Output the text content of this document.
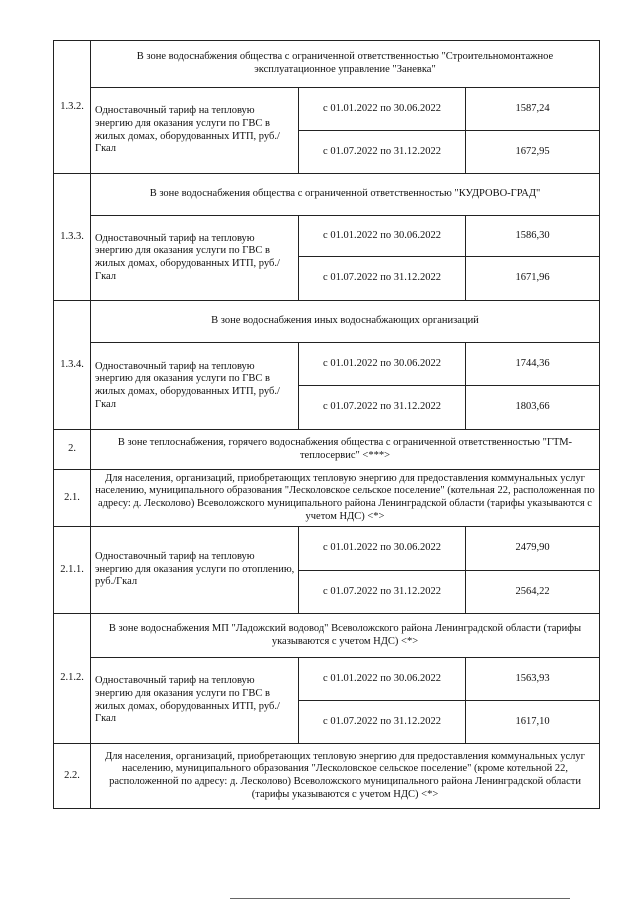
1.3.2.
В зоне водоснабжения общества с ограниченной ответственностью "Строительномонтажное эксплуатационное управление "Заневка"
Одноставочный тариф на тепловую энергию для оказания услуги по ГВС в жилых домах, оборудованных ИТП, руб./Гкал
с 01.01.2022 по 30.06.2022	1587,24
с 01.07.2022 по 31.12.2022	1672,95
1.3.3.
В зоне водоснабжения общества с ограниченной ответственностью "КУДРОВО-ГРАД"
Одноставочный тариф на тепловую энергию для оказания услуги по ГВС в жилых домах, оборудованных ИТП, руб./Гкал
с 01.01.2022 по 30.06.2022	1586,30
с 01.07.2022 по 31.12.2022	1671,96
1.3.4.
В зоне водоснабжения иных водоснабжающих организаций
Одноставочный тариф на тепловую энергию для оказания услуги по ГВС в жилых домах, оборудованных ИТП, руб./Гкал
с 01.01.2022 по 30.06.2022	1744,36
с 01.07.2022 по 31.12.2022	1803,66
2.
В зоне теплоснабжения, горячего водоснабжения общества с ограниченной ответственностью "ГТМ-теплосервис" <***>
2.1.
Для населения, организаций, приобретающих тепловую энергию для предоставления коммунальных услуг населению, муниципального образования "Лесколовское сельское поселение" (котельная 22, расположенная по адресу: д. Лесколово) Всеволожского муниципального района Ленинградской области (тарифы указываются с учетом НДС) <*>
2.1.1.
Одноставочный тариф на тепловую энергию для оказания услуги по отоплению, руб./Гкал
с 01.01.2022 по 30.06.2022	2479,90
с 01.07.2022 по 31.12.2022	2564,22
2.1.2.
В зоне водоснабжения МП "Ладожский водовод" Всеволожского района Ленинградской области (тарифы указываются с учетом НДС) <*>
Одноставочный тариф на тепловую энергию для оказания услуги по ГВС в жилых домах, оборудованных ИТП, руб./Гкал
с 01.01.2022 по 30.06.2022	1563,93
с 01.07.2022 по 31.12.2022	1617,10
2.2.
Для населения, организаций, приобретающих тепловую энергию для предоставления коммунальных услуг населению, муниципального образования "Лесколовское сельское поселение" (кроме котельной 22, расположенной по адресу: д. Лесколово) Всеволожского муниципального района Ленинградской области (тарифы указываются с учетом НДС) <*>
